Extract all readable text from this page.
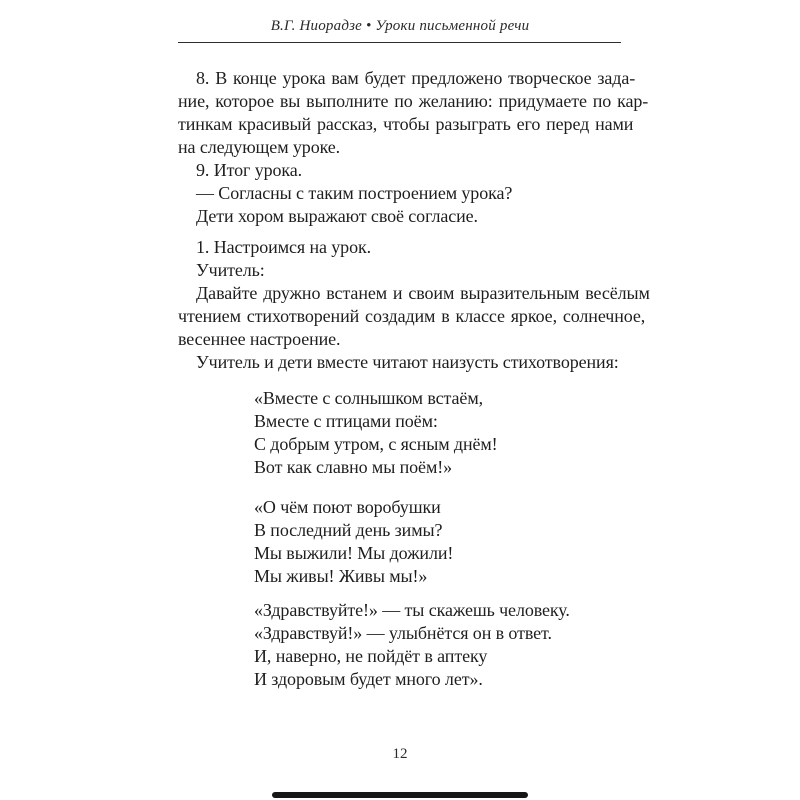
В.Г. Ниорадзе • Уроки письменной речи
8. В конце урока вам будет предложено творческое зада-
ние, которое вы выполните по желанию: придумаете по кар-
тинкам красивый рассказ, чтобы разыграть его перед нами
на следующем уроке.
9. Итог урока.
— Согласны с таким построением урока?
Дети хором выражают своё согласие.
1. Настроимся на урок.
Учитель:
Давайте дружно встанем и своим выразительным весёлым
чтением стихотворений создадим в классе яркое, солнечное,
весеннее настроение.
Учитель и дети вместе читают наизусть стихотворения:
«Вместе с солнышком встаём,
Вместе с птицами поём:
С добрым утром, с ясным днём!
Вот как славно мы поём!»
«О чём поют воробушки
В последний день зимы?
Мы выжили! Мы дожили!
Мы живы! Живы мы!»
«Здравствуйте!» — ты скажешь человеку.
«Здравствуй!» — улыбнётся он в ответ.
И, наверно, не пойдёт в аптеку
И здоровым будет много лет».
12
